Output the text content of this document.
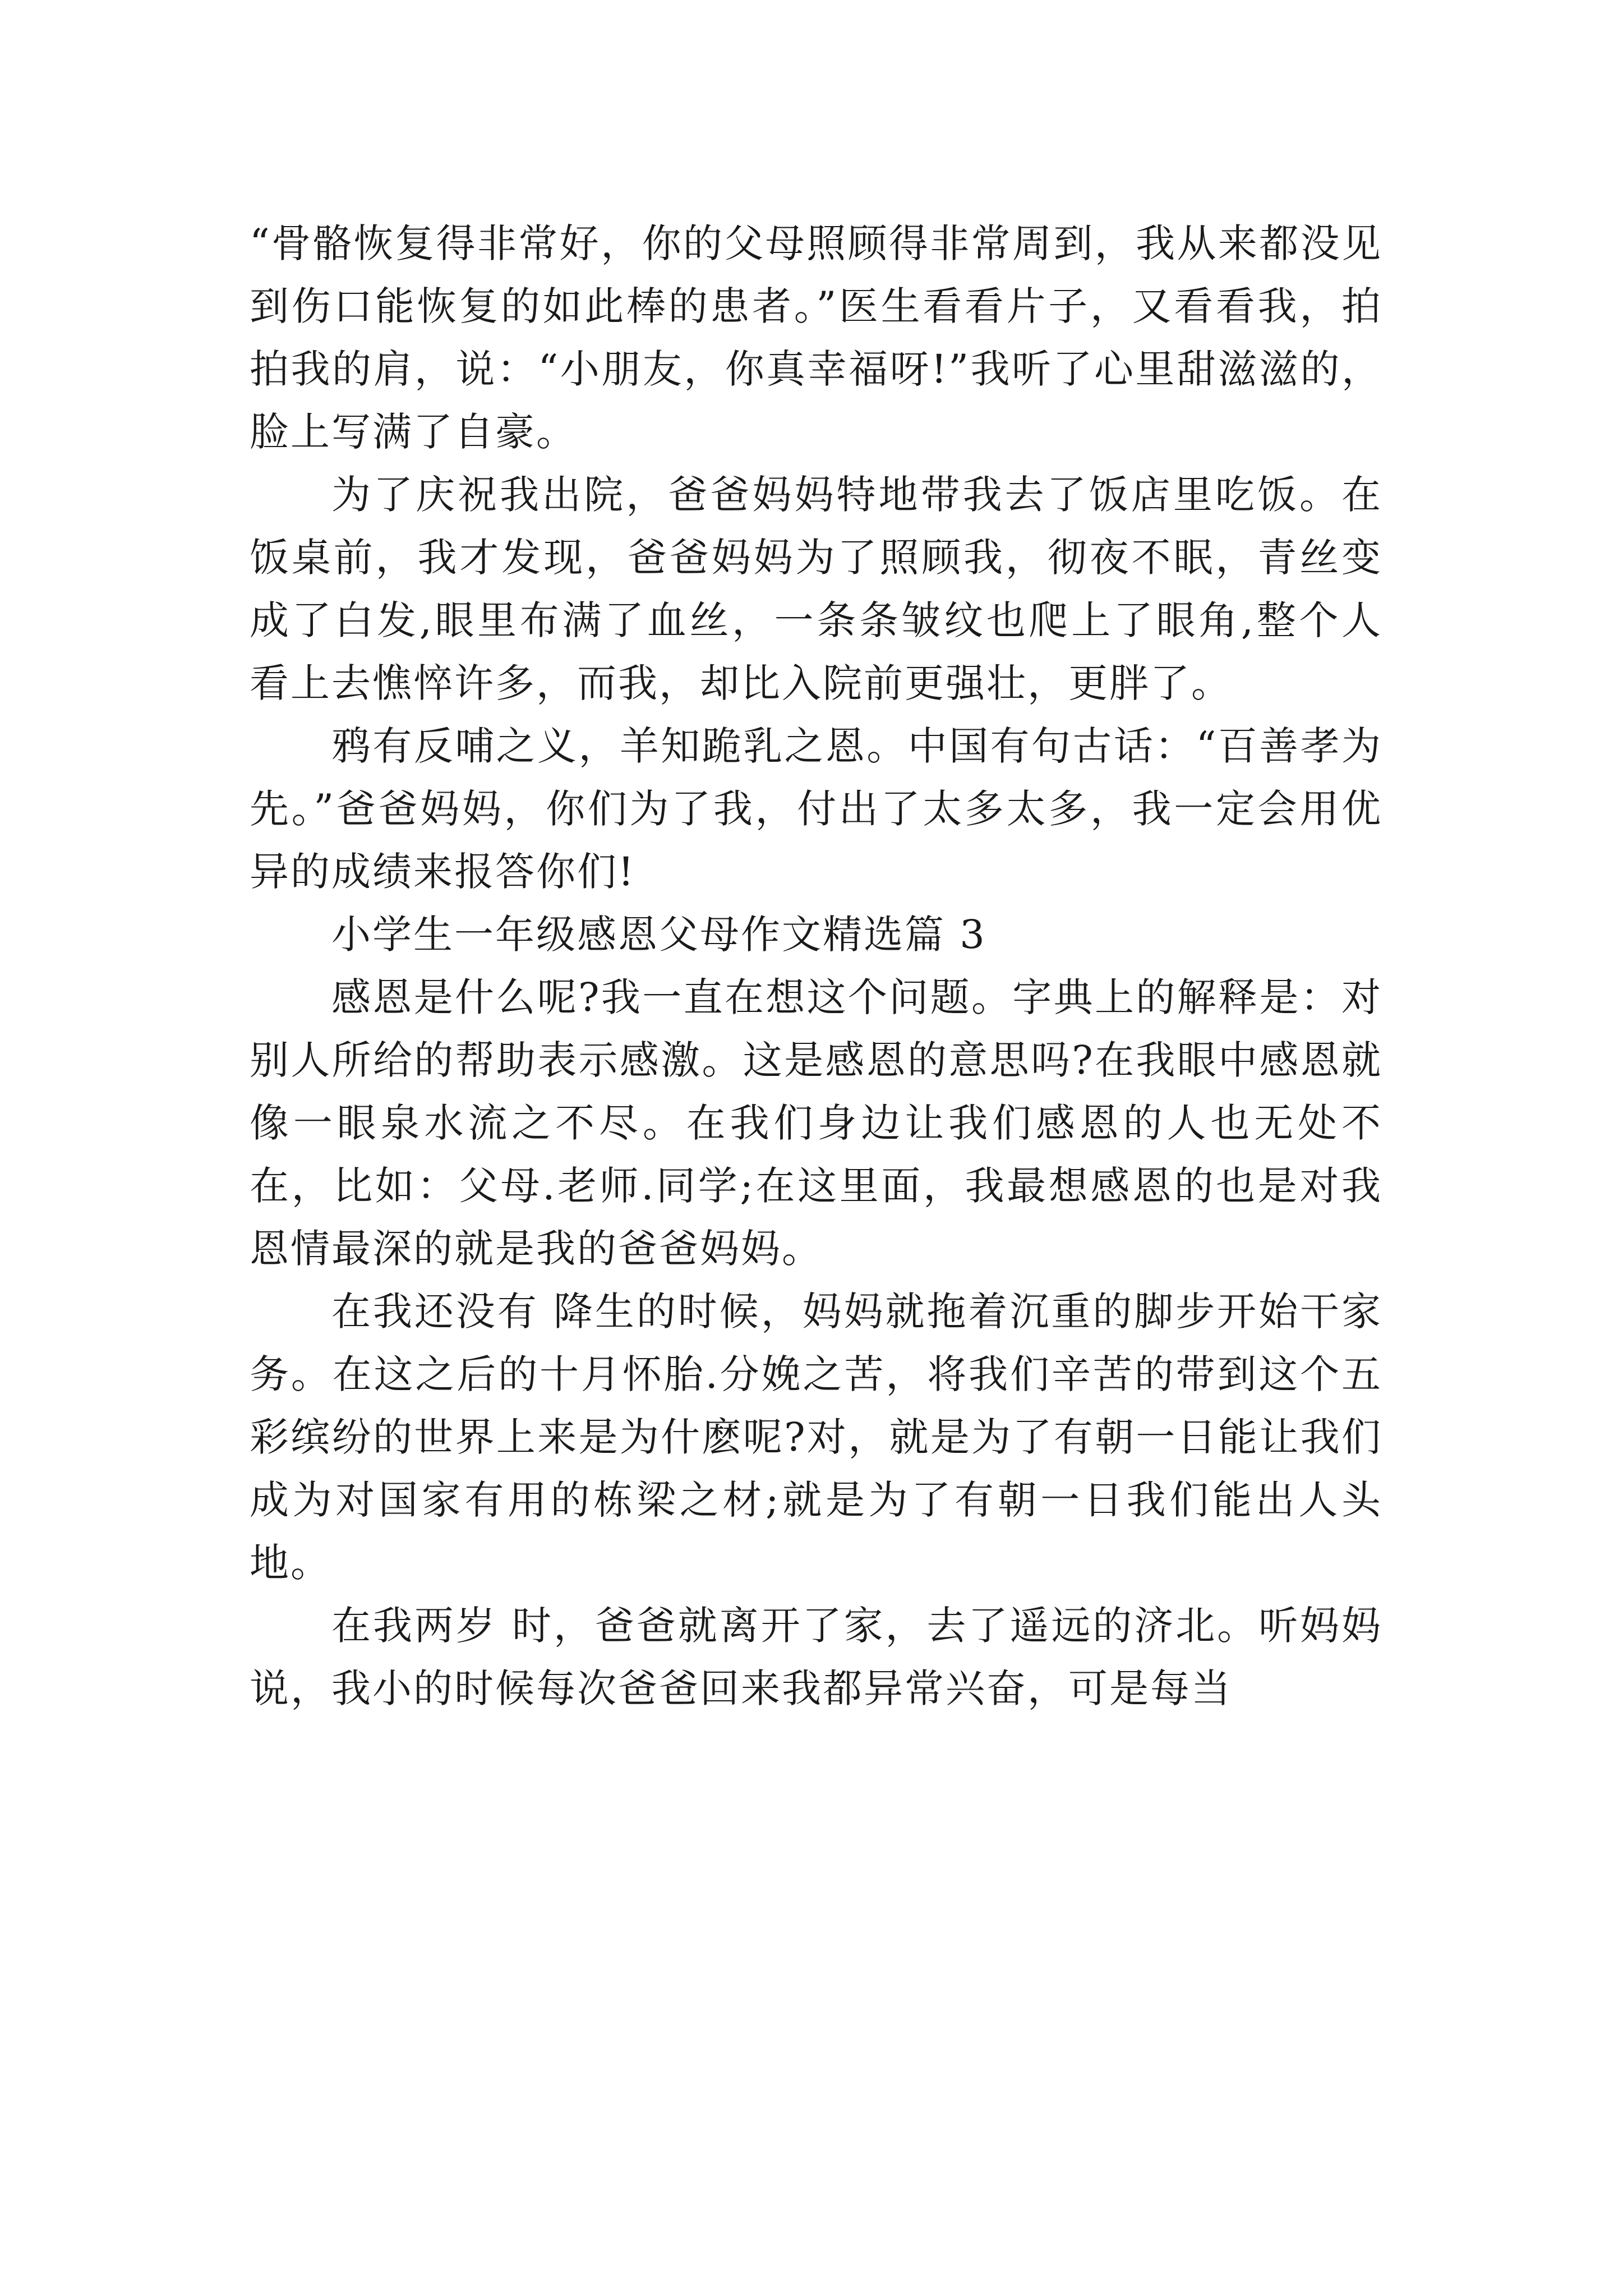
“骨骼恢复得非常好，你的父母照顾得非常周到，我从来都没见到伤口能恢复的如此棒的患者。”医生看看片子，又看看我，拍拍我的肩，说：“小朋友，你真幸福呀!”我听了心里甜滋滋的，脸上写满了自豪。

为了庆祝我出院，爸爸妈妈特地带我去了饭店里吃饭。在饭桌前，我才发现，爸爸妈妈为了照顾我，彻夜不眠，青丝变成了白发,眼里布满了血丝，一条条皱纹也爬上了眼角,整个人看上去憔悴许多，而我，却比入院前更强壮，更胖了。

鸦有反哺之义，羊知跪乳之恩。中国有句古话：“百善孝为先。”爸爸妈妈，你们为了我，付出了太多太多，我一定会用优异的成绩来报答你们!

小学生一年级感恩父母作文精选篇 3

感恩是什么呢?我一直在想这个问题。字典上的解释是：对别人所给的帮助表示感激。这是感恩的意思吗?在我眼中感恩就像一眼泉水流之不尽。在我们身边让我们感恩的人也无处不在，比如：父母.老师.同学;在这里面，我最想感恩的也是对我恩情最深的就是我的爸爸妈妈。

在我还没有 降生的时候，妈妈就拖着沉重的脚步开始干家务。在这之后的十月怀胎.分娩之苦，将我们辛苦的带到这个五彩缤纷的世界上来是为什麽呢?对，就是为了有朝一日能让我们成为对国家有用的栋梁之材;就是为了有朝一日我们能出人头地。

在我两岁 时，爸爸就离开了家，去了遥远的济北。听妈妈说，我小的时候每次爸爸回来我都异常兴奋，可是每当
